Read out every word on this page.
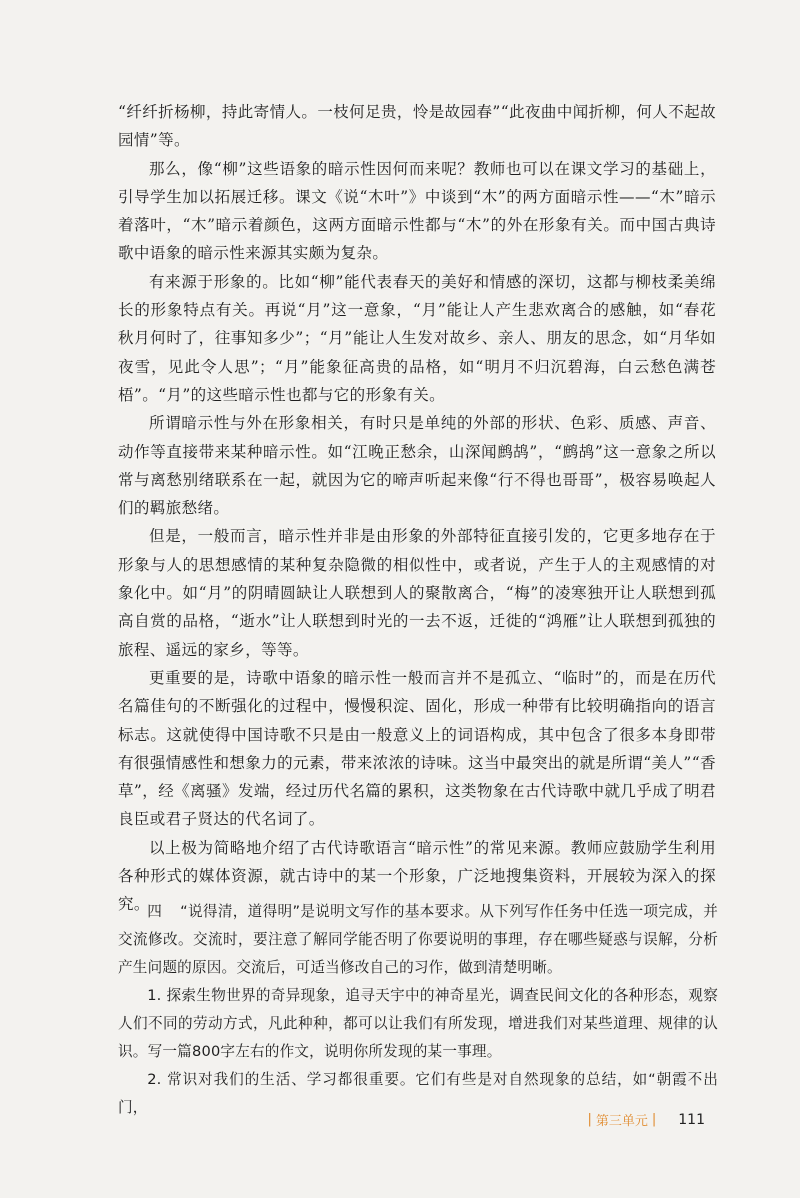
“纤纤折杨柳，持此寄情人。一枝何足贵，怜是故园春”“此夜曲中闻折柳，何人不起故园情”等。

那么，像“柳”这些语象的暗示性因何而来呢？教师也可以在课文学习的基础上，引导学生加以拓展迁移。课文《说“木叶”》中谈到“木”的两方面暗示性——“木”暗示着落叶，“木”暗示着颜色，这两方面暗示性都与“木”的外在形象有关。而中国古典诗歌中语象的暗示性来源其实颇为复杂。

有来源于形象的。比如“柳”能代表春天的美好和情感的深切，这都与柳枝柔美绵长的形象特点有关。再说“月”这一意象，“月”能让人产生悲欢离合的感触，如“春花秋月何时了，往事知多少”；“月”能让人生发对故乡、亲人、朋友的思念，如“月华如夜雪，见此令人思”；“月”能象征高贵的品格，如“明月不归沉碧海，白云愁色满苍梧”。“月”的这些暗示性也都与它的形象有关。

所谓暗示性与外在形象相关，有时只是单纯的外部的形状、色彩、质感、声音、动作等直接带来某种暗示性。如“江晚正愁余，山深闻鹧鸪”，“鹧鸪”这一意象之所以常与离愁别绪联系在一起，就因为它的啼声听起来像“行不得也哥哥”，极容易唤起人们的羁旅愁绪。

但是，一般而言，暗示性并非是由形象的外部特征直接引发的，它更多地存在于形象与人的思想感情的某种复杂隐微的相似性中，或者说，产生于人的主观感情的对象化中。如“月”的阴晴圆缺让人联想到人的聚散离合，“梅”的凌寒独开让人联想到孤高自赏的品格，“逝水”让人联想到时光的一去不返，迁徙的“鸿雁”让人联想到孤独的旅程、遥远的家乡，等等。

更重要的是，诗歌中语象的暗示性一般而言并不是孤立、“临时”的，而是在历代名篇佳句的不断强化的过程中，慢慢积淀、固化，形成一种带有比较明确指向的语言标志。这就使得中国诗歌不只是由一般意义上的词语构成，其中包含了很多本身即带有很强情感性和想象力的元素，带来浓浓的诗味。这当中最突出的就是所谓“美人”“香草”，经《离骚》发端，经过历代名篇的累积，这类物象在古代诗歌中就几乎成了明君良臣或君子贤达的代名词了。

以上极为简略地介绍了古代诗歌语言“暗示性”的常见来源。教师应鼓励学生利用各种形式的媒体资源，就古诗中的某一个形象，广泛地搜集资料，开展较为深入的探究。

四 “说得清，道得明”是说明文写作的基本要求。从下列写作任务中任选一项完成，并交流修改。交流时，要注意了解同学能否明了你要说明的事理，存在哪些疑惑与误解，分析产生问题的原因。交流后，可适当修改自己的习作，做到清楚明晰。

1. 探索生物世界的奇异现象，追寻天宇中的神奇星光，调查民间文化的各种形态，观察人们不同的劳动方式，凡此种种，都可以让我们有所发现，增进我们对某些道理、规律的认识。写一篇800字左右的作文，说明你所发现的某一事理。

2. 常识对我们的生活、学习都很重要。它们有些是对自然现象的总结，如“朝霞不出门，

| 第三单元 | 111
